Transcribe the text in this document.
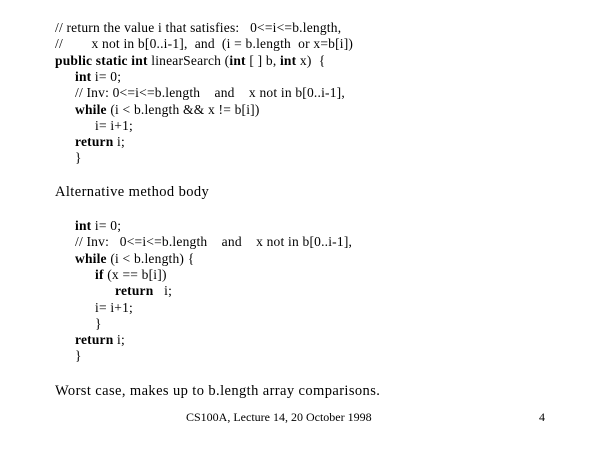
// return the value i that satisfies:   0<=i<=b.length,
//        x not in b[0..i-1],  and  (i = b.length  or x=b[i])
public static int linearSearch (int [ ] b, int x)  {
int i= 0;
// Inv: 0<=i<=b.length    and    x not in b[0..i-1],
while (i < b.length && x != b[i])
i= i+1;
return i;
}
Alternative method body
int i= 0;
// Inv:   0<=i<=b.length    and    x not in b[0..i-1],
while (i < b.length) {
if (x == b[i])
return   i;
i= i+1;
}
return i;
}
Worst case, makes up to b.length array comparisons.
CS100A, Lecture 14, 20 October 1998	4
